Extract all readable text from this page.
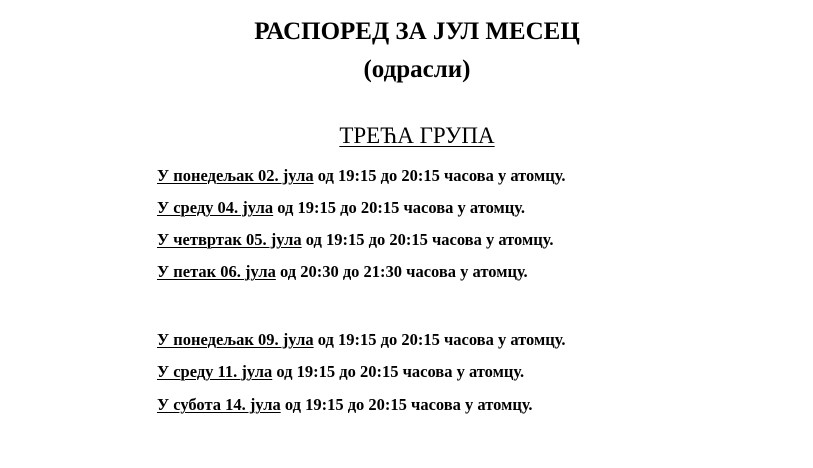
РАСПОРЕД ЗА ЈУЛ МЕСЕЦ
(одрасли)
ТРЕЋА ГРУПА
У понедељак 02. јула од 19:15 до 20:15 часова у атомцу.
У среду 04. јула од 19:15 до 20:15 часова у атомцу.
У четвртак 05. јула од 19:15 до 20:15 часова у атомцу.
У петак 06. јула од 20:30 до 21:30 часова у атомцу.
У понедељак 09. јула од 19:15 до 20:15 часова у атомцу.
У среду 11. јула од 19:15 до 20:15 часова у атомцу.
У субота 14. јула од 19:15 до 20:15 часова у атомцу.
